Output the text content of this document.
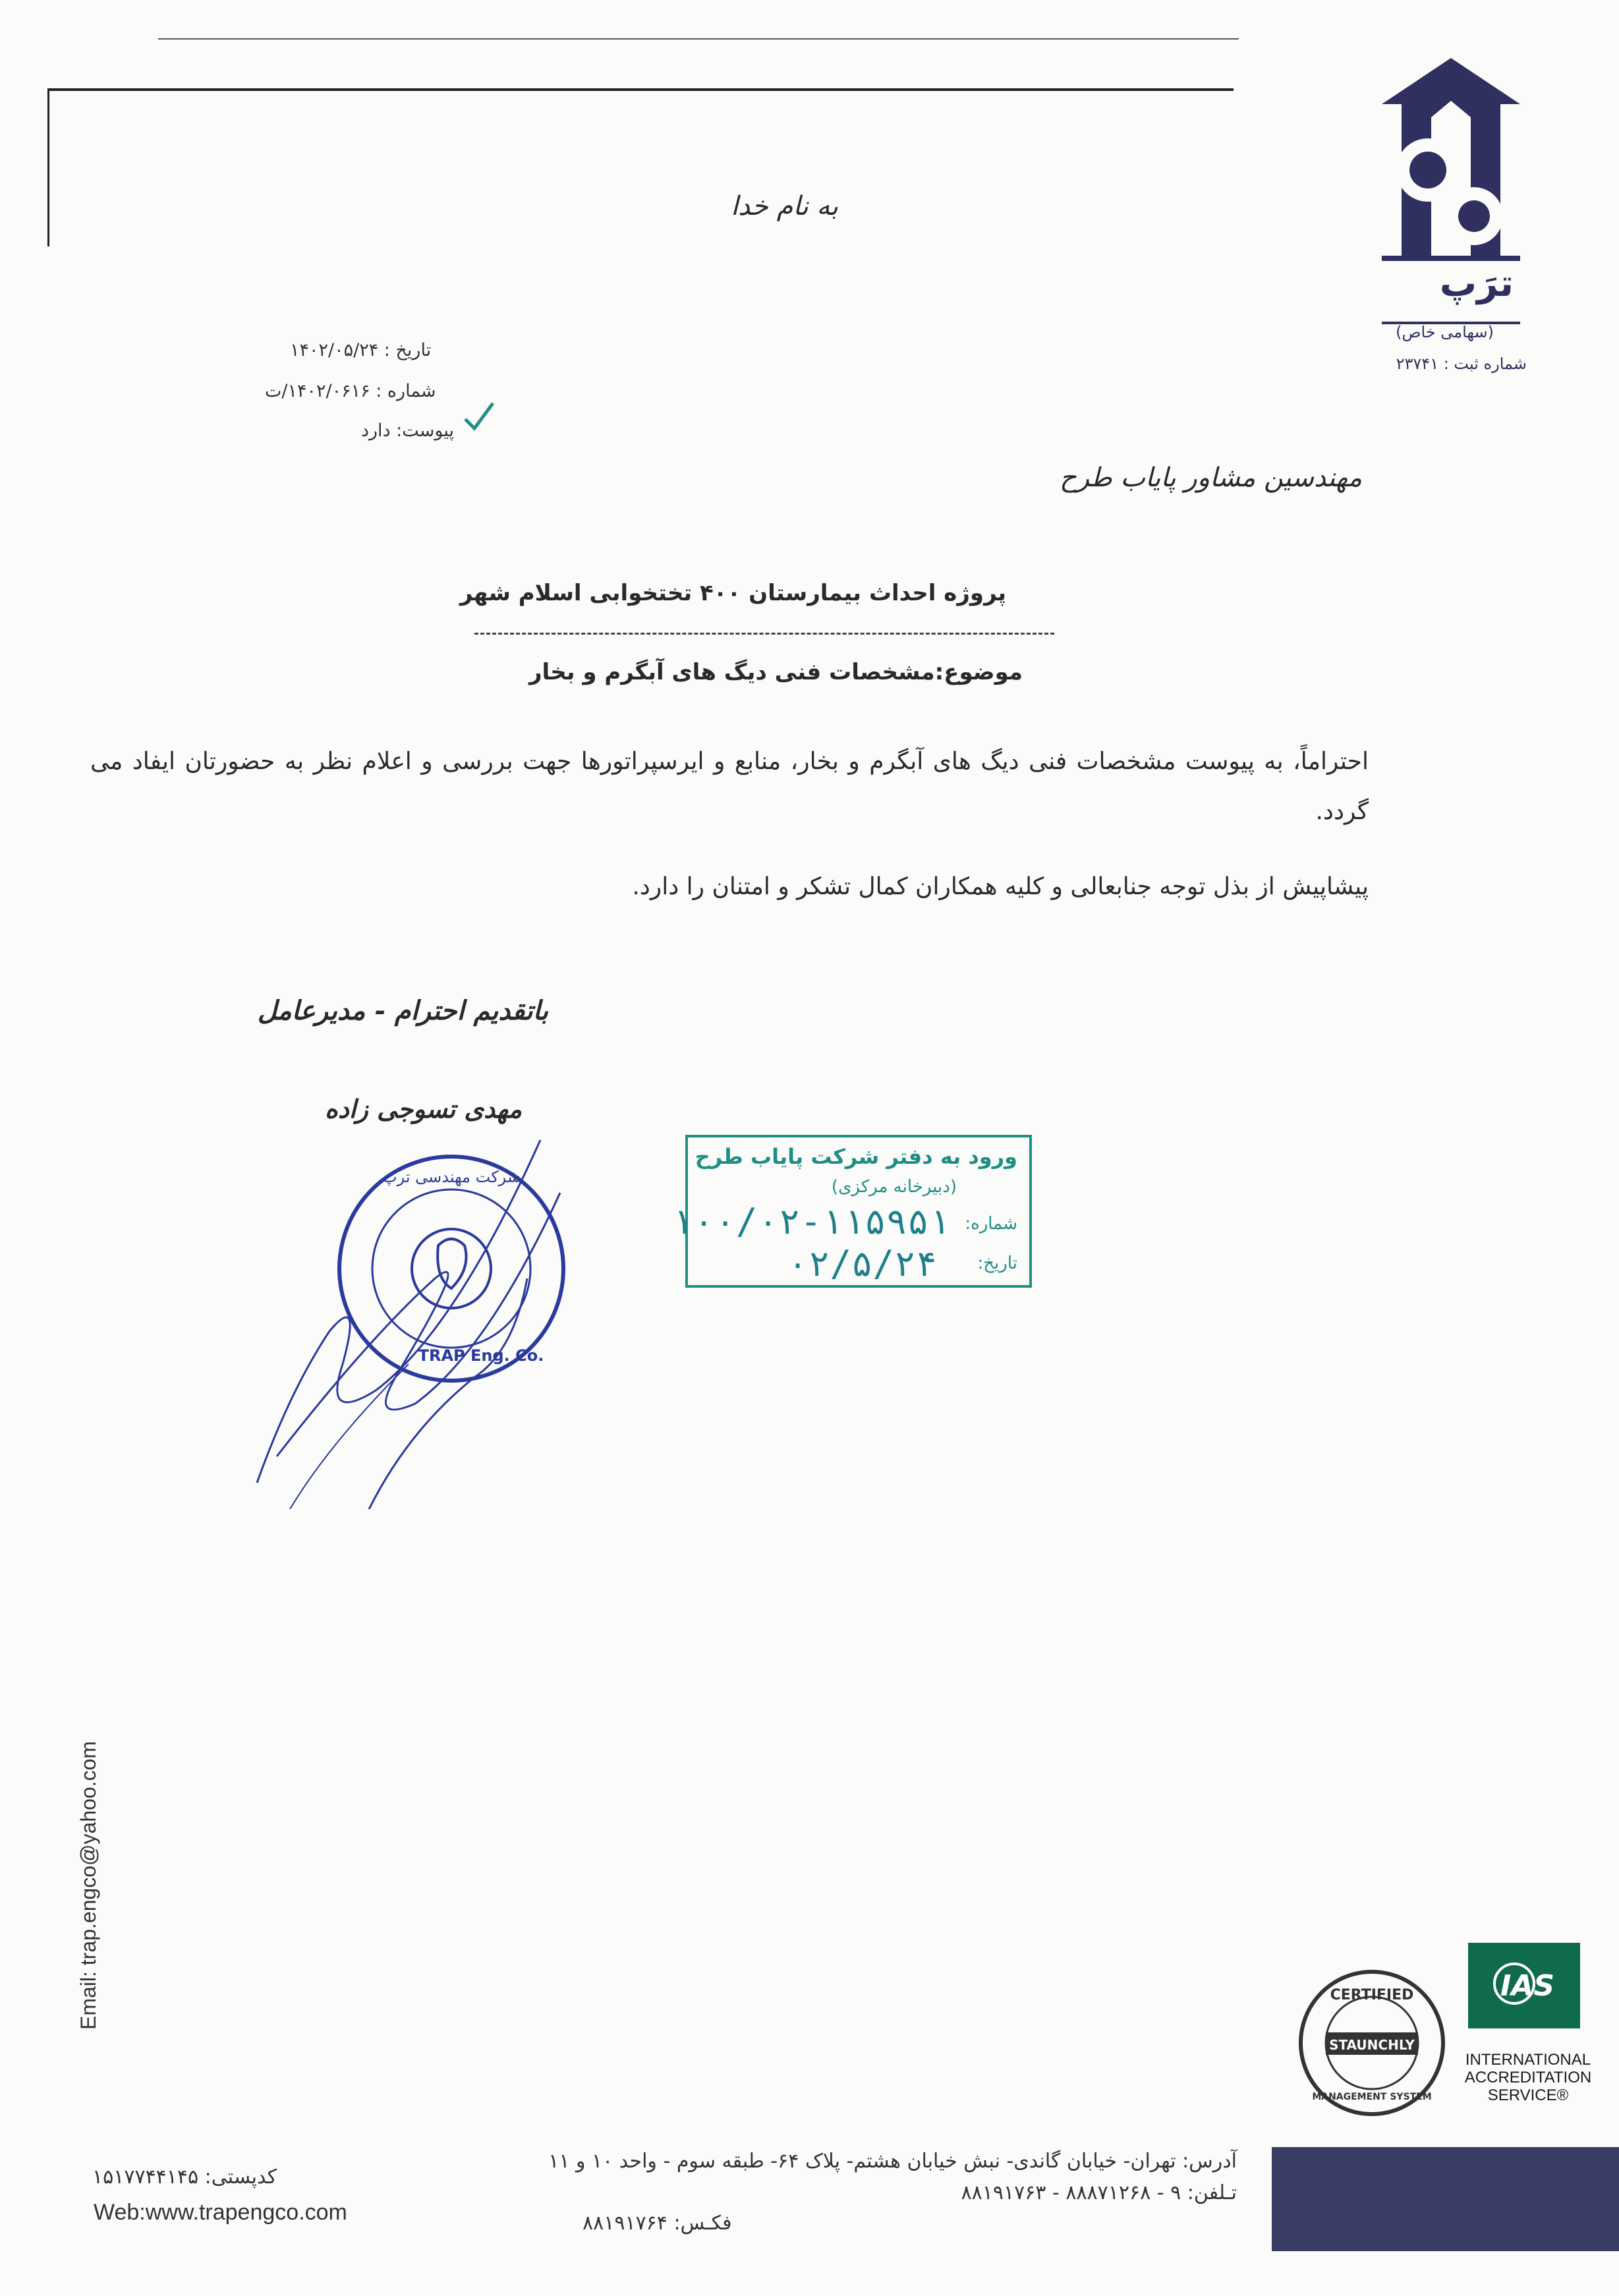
به نام خدا
ترَپ
(سهامی خاص)
شماره ثبت : ۲۳۷۴۱
تاریخ : ۱۴۰۲/۰۵/۲۴
شماره : ۱۴۰۲/۰۶۱۶/ت
پیوست: دارد
مهندسین مشاور پایاب طرح
پروژه احداث بیمارستان ۴۰۰ تختخوابی اسلام شهر
موضوع:مشخصات فنی دیگ های آبگرم و بخار
احتراماً، به پیوست مشخصات فنی دیگ های آبگرم و بخار، منابع و ایرسپراتورها جهت بررسی و اعلام نظر به حضورتان ایفاد می گردد.
پیشاپیش از بذل توجه جنابعالی و کلیه همکاران کمال تشکر و امتنان را دارد.
باتقدیم احترام - مدیرعامل
مهدی تسوجی زاده
شرکت مهندسی ترپ
TRAP Eng. Co.
ورود به دفتر شرکت پایاب طرح
(دبیرخانه مرکزی)
شماره:
۱۰۰/۰۲-۱۱۵۹۵۱
تاریخ:
۰۲/۵/۲۴
Email: trap.engco@yahoo.com	CERTIFIED
STAUNCHLY
MANAGEMENT SYSTEM
IAS
INTERNATIONAL ACCREDITATION SERVICE®
آدرس: تهران- خیابان گاندی- نبش خیابان هشتم- پلاک ۶۴- طبقه سوم - واحد ۱۰ و ۱۱
تـلفن: ۹ - ۸۸۸۷۱۲۶۸ - ۸۸۱۹۱۷۶۳
فکـس: ۸۸۱۹۱۷۶۴
کدپستی: ۱۵۱۷۷۴۴۱۴۵
Web:www.trapengco.com
